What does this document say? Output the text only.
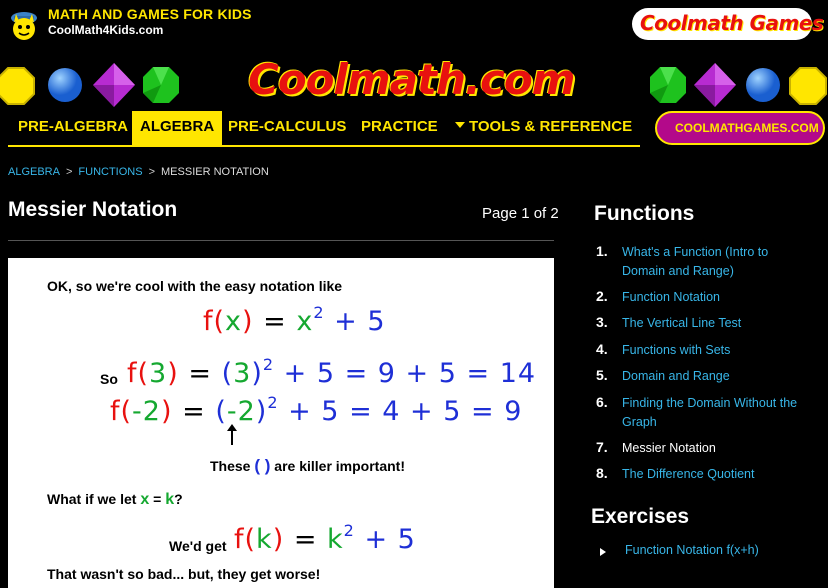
MATH AND GAMES FOR KIDS
CoolMath4Kids.com	Coolmath Games
Coolmath.com
PRE-ALGEBRA ALGEBRA PRE-CALCULUS PRACTICE	TOOLS & REFERENCE	COOLMATHGAMES.COM
ALGEBRA > FUNCTIONS > MESSIER NOTATION
Messier Notation	Page 1 of 2
OK, so we're cool with the easy notation like
$f(x) = x^2 + 5$
So $f(3) = (3)^2 + 5 = 9 + 5 = 14$
$f(-2) = (-2)^2 + 5 = 4 + 5 = 9$
These ( ) are killer important!
What if we let x = k?
We'd get $f(k) = k^2 + 5$
That wasn't so bad... but, they get worse!
Functions
1. What's a Function (Intro to Domain and Range)
2. Function Notation
3. The Vertical Line Test
4. Functions with Sets
5. Domain and Range
6. Finding the Domain Without the Graph
7. Messier Notation
8. The Difference Quotient
Exercises
Function Notation f(x+h)
